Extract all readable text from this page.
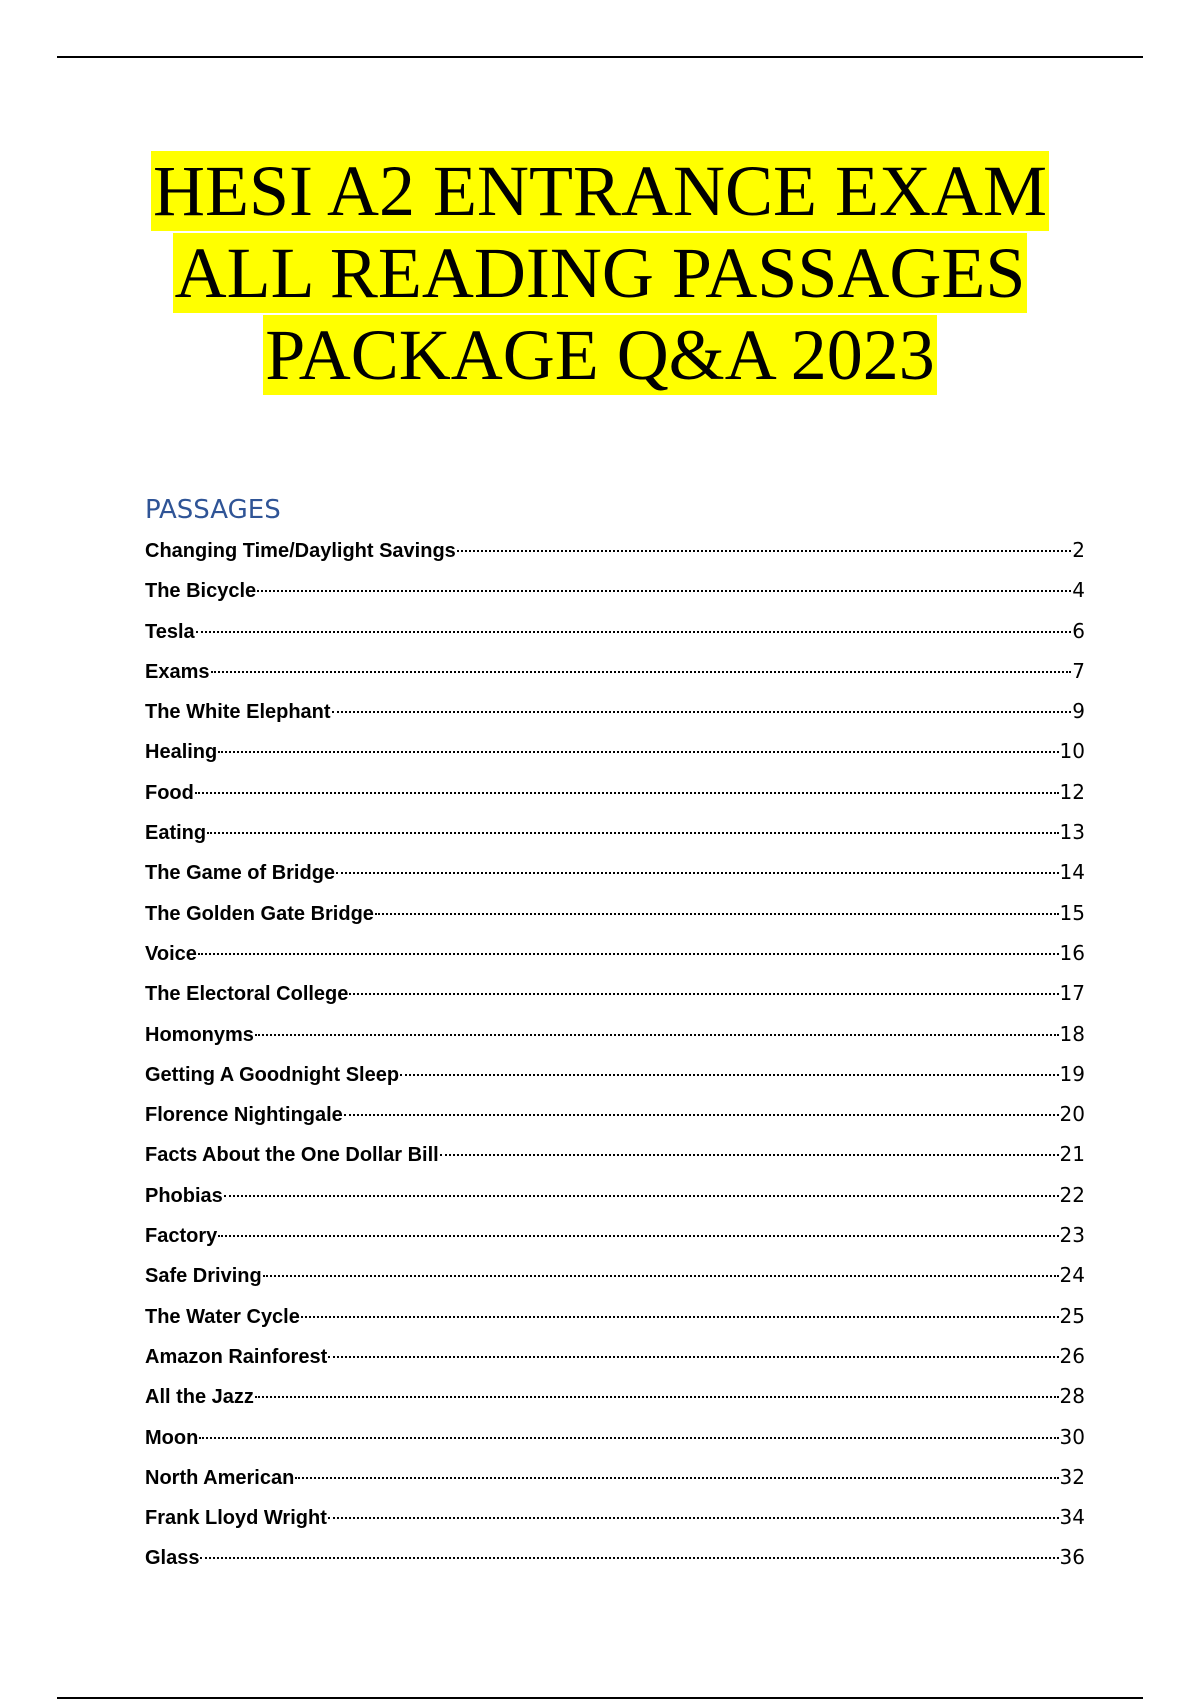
HESI A2 ENTRANCE EXAM
ALL READING PASSAGES
PACKAGE Q&A 2023
PASSAGES
Changing Time/Daylight Savings	2
The Bicycle	4
Tesla	6
Exams	7
The White Elephant	9
Healing	10
Food	12
Eating	13
The Game of Bridge	14
The Golden Gate Bridge	15
Voice	16
The Electoral College	17
Homonyms	18
Getting A Goodnight Sleep	19
Florence Nightingale	20
Facts About the One Dollar Bill	21
Phobias	22
Factory	23
Safe Driving	24
The Water Cycle	25
Amazon Rainforest	26
All the Jazz	28
Moon	30
North American	32
Frank Lloyd Wright	34
Glass	36
